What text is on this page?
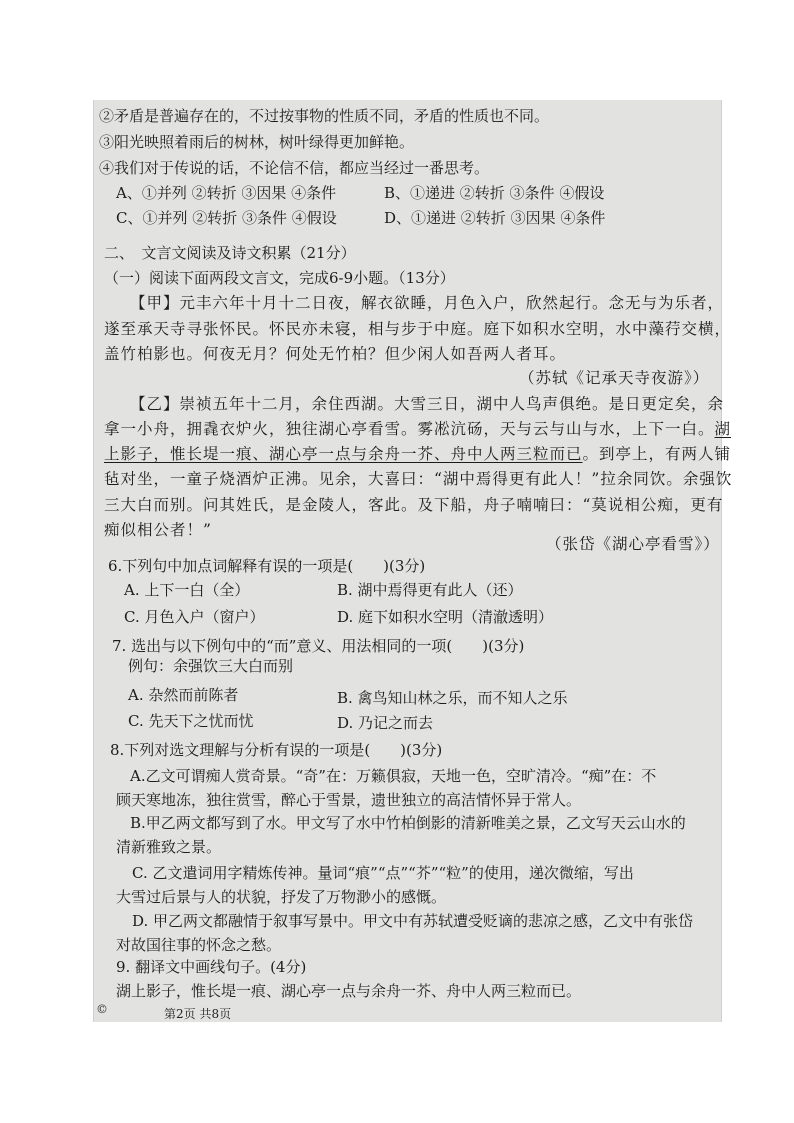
②矛盾是普遍存在的，不过按事物的性质不同，矛盾的性质也不同。
③阳光映照着雨后的树林，树叶绿得更加鲜艳。
④我们对于传说的话，不论信不信，都应当经过一番思考。
A、①并列 ②转折 ③因果 ④条件	B、①递进 ②转折 ③条件 ④假设
C、①并列 ②转折 ③条件 ④假设	D、①递进 ②转折 ③因果 ④条件
二、　文言文阅读及诗文积累（21分）
（一）阅读下面两段文言文，完成6-9小题。（13分）
【甲】元丰六年十月十二日夜，解衣欲睡，月色入户，欣然起行。念无与为乐者，
遂至承天寺寻张怀民。怀民亦未寝，相与步于中庭。庭下如积水空明，水中藻荇交横，
盖竹柏影也。何夜无月？何处无竹柏？但少闲人如吾两人者耳。
（苏轼《记承天寺夜游》）
【乙】崇祯五年十二月，余住西湖。大雪三日，湖中人鸟声俱绝。是日更定矣，余
拿一小舟，拥毳衣炉火，独往湖心亭看雪。雾凇沆砀，天与云与山与水，上下一白。湖
上影子，惟长堤一痕、湖心亭一点与余舟一芥、舟中人两三粒而已。到亭上，有两人铺
毡对坐，一童子烧酒炉正沸。见余，大喜曰：“湖中焉得更有此人！”拉余同饮。余强饮
三大白而别。问其姓氏，是金陵人，客此。及下船，舟子喃喃曰：“莫说相公痴，更有
痴似相公者！”
（张岱《湖心亭看雪》）
6.下列句中加点词解释有误的一项是(　　)(3分)
A. 上下一白（全）	B. 湖中焉得更有此人（还）
C. 月色入户（窗户）	D. 庭下如积水空明（清澈透明）
7. 选出与以下例句中的“而”意义、用法相同的一项(　　)(3分)
例句：余强饮三大白而别
A. 杂然而前陈者	B. 禽鸟知山林之乐，而不知人之乐
C. 先天下之忧而忧	D. 乃记之而去
8.下列对选文理解与分析有误的一项是(　　)(3分)
A.乙文可谓痴人赏奇景。“奇”在：万籁俱寂，天地一色，空旷清冷。“痴”在：不
顾天寒地冻，独往赏雪，醉心于雪景，遗世独立的高洁情怀异于常人。
B.甲乙两文都写到了水。甲文写了水中竹柏倒影的清新唯美之景，乙文写天云山水的
清新雅致之景。
C. 乙文遣词用字精炼传神。量词“痕”“点”“芥”“粒”的使用，递次微缩，写出
大雪过后景与人的状貌，抒发了万物渺小的感慨。
D. 甲乙两文都融情于叙事写景中。甲文中有苏轼遭受贬谪的悲凉之感，乙文中有张岱
对故国往事的怀念之愁。
9. 翻译文中画线句子。(4分)
湖上影子，惟长堤一痕、湖心亭一点与余舟一芥、舟中人两三粒而已。
©	第2页 共8页
